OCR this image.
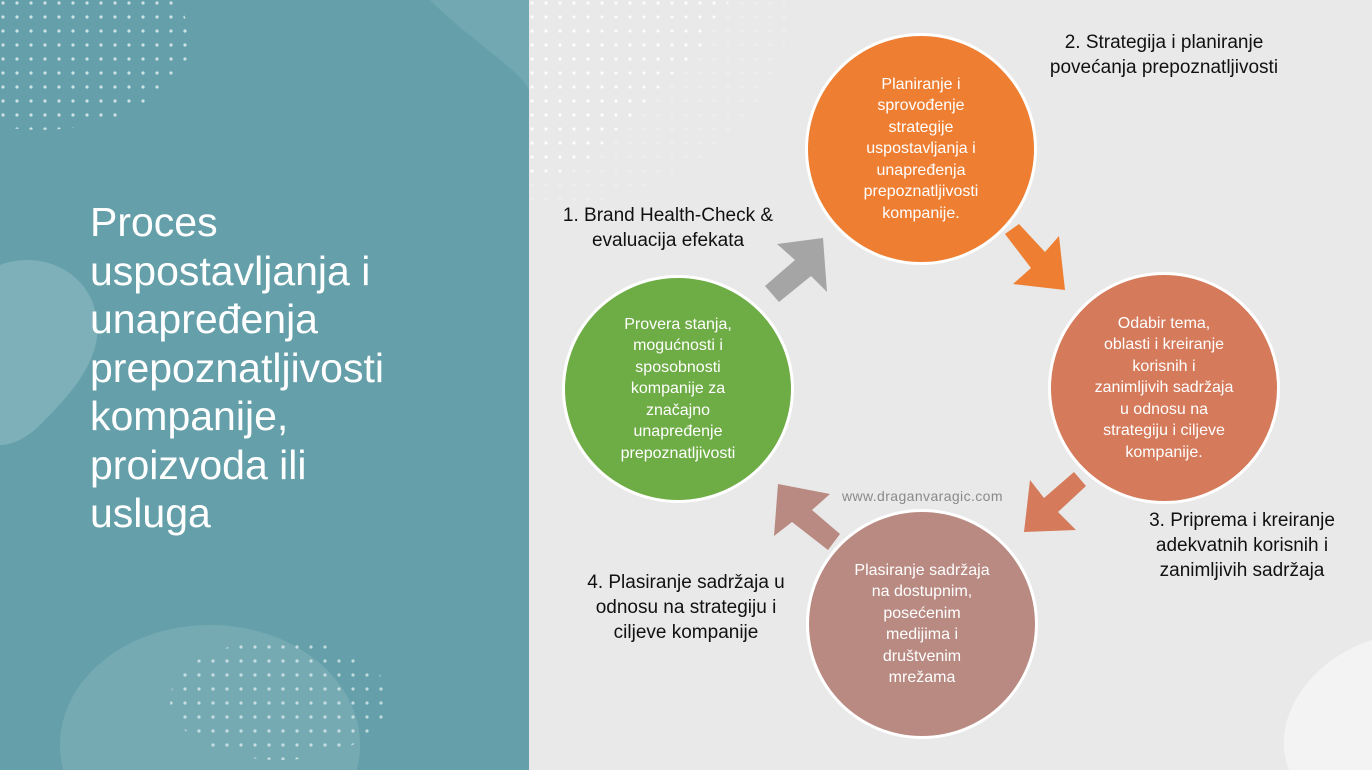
Proces
uspostavljanja i
unapređenja
prepoznatljivosti
kompanije,
proizvoda ili
usluga
Provera stanja,
mogućnosti i
sposobnosti
kompanije za
značajno
unapređenje
prepoznatljivosti
Planiranje i
sprovođenje
strategije
uspostavljanja i
unapređenja
prepoznatljivosti
kompanije.
Odabir tema,
oblasti i kreiranje
korisnih i
zanimljivih sadržaja
u odnosu na
strategiju i ciljeve
kompanije.
Plasiranje sadržaja
na dostupnim,
posećenim
medijima i
društvenim
mrežama
1. Brand Health-Check &
evaluacija efekata
2. Strategija i planiranje
povećanja prepoznatljivosti
3. Priprema i kreiranje
adekvatnih korisnih i
zanimljivih sadržaja
4. Plasiranje sadržaja u
odnosu na strategiju i
ciljeve kompanije
www.draganvaragic.com
